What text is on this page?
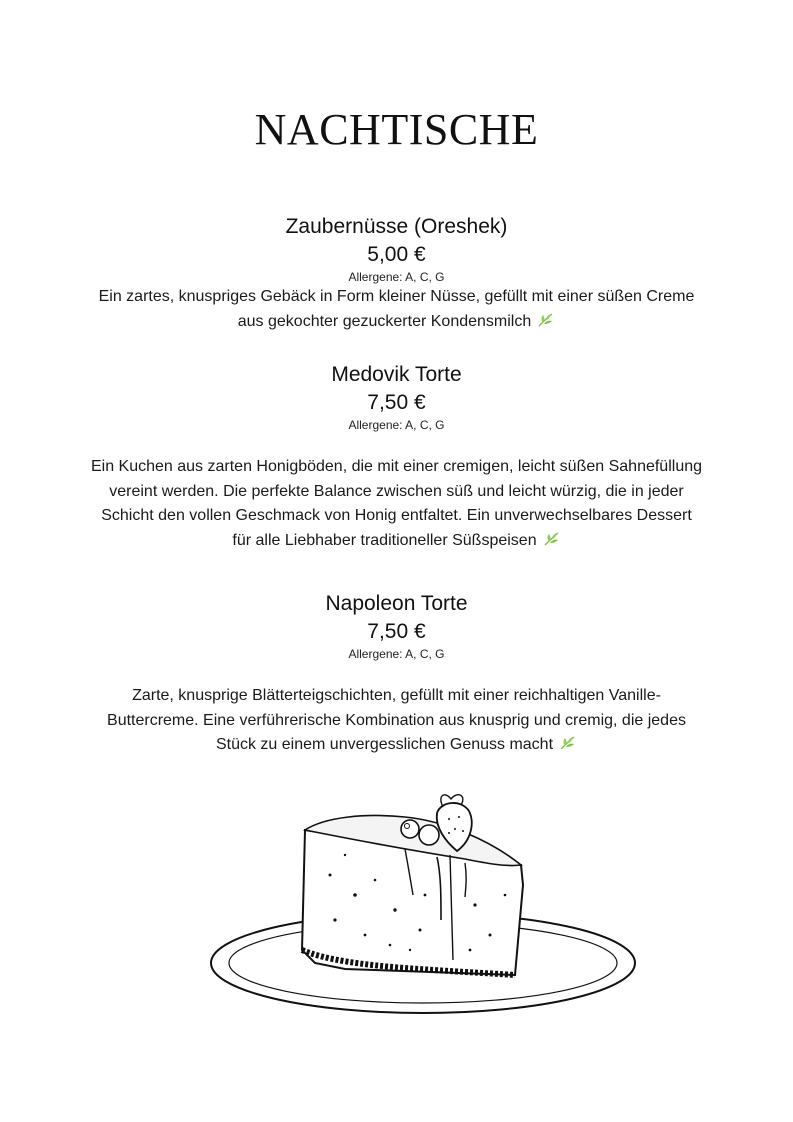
NACHTISCHE
Zaubernüsse (Oreshek)
5,00 €
Allergene: A, C, G
Ein zartes, knuspriges Gebäck in Form kleiner Nüsse, gefüllt mit einer süßen Creme
aus gekochter gezuckerter Kondensmilch
Medovik Torte
7,50 €
Allergene: A, C, G
Ein Kuchen aus zarten Honigböden, die mit einer cremigen, leicht süßen Sahnefüllung
vereint werden. Die perfekte Balance zwischen süß und leicht würzig, die in jeder
Schicht den vollen Geschmack von Honig entfaltet. Ein unverwechselbares Dessert
für alle Liebhaber traditioneller Süßspeisen
Napoleon Torte
7,50 €
Allergene: A, C, G
Zarte, knusprige Blätterteigschichten, gefüllt mit einer reichhaltigen Vanille-
Buttercreme. Eine verführerische Kombination aus knusprig und cremig, die jedes
Stück zu einem unvergesslichen Genuss macht
